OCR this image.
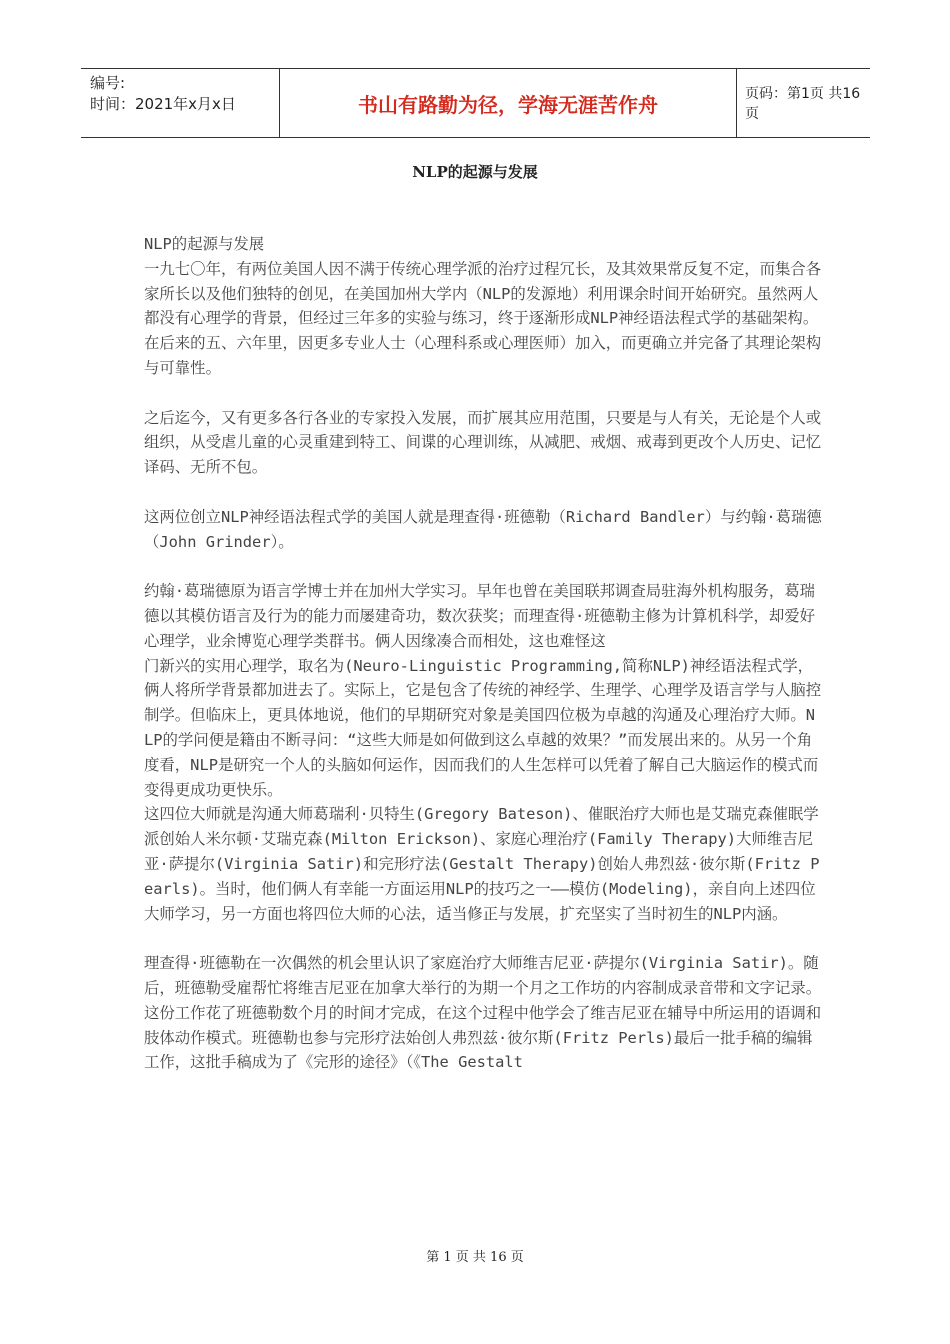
编号:
时间：2021年x月x日	书山有路勤为径，学海无涯苦作舟	页码：第1页 共16页
NLP的起源与发展

NLP的起源与发展

一九七〇年，有两位美国人因不满于传统心理学派的治疗过程冗长，及其效果常反复不定，而集合各家所长以及他们独特的创见，在美国加州大学内（NLP的发源地）利用课余时间开始研究。虽然两人都没有心理学的背景，但经过三年多的实验与练习，终于逐渐形成NLP神经语法程式学的基础架构。

在后来的五、六年里，因更多专业人士（心理科系或心理医师）加入，而更确立并完备了其理论架构与可靠性。

之后迄今，又有更多各行各业的专家投入发展，而扩展其应用范围，只要是与人有关，无论是个人或组织，从受虐儿童的心灵重建到特工、间谍的心理训练，从减肥、戒烟、戒毒到更改个人历史、记忆译码、无所不包。

这两位创立NLP神经语法程式学的美国人就是理查得·班德勒（Richard Bandler）与约翰·葛瑞德（John Grinder）。

约翰·葛瑞德原为语言学博士并在加州大学实习。早年也曾在美国联邦调查局驻海外机构服务，葛瑞德以其模仿语言及行为的能力而屡建奇功，数次获奖；而理查得·班德勒主修为计算机科学，却爱好心理学，业余博览心理学类群书。俩人因缘凑合而相处，这也难怪这

门新兴的实用心理学，取名为(Neuro-Linguistic Programming,简称NLP)神经语法程式学，俩人将所学背景都加进去了。实际上，它是包含了传统的神经学、生理学、心理学及语言学与人脑控制学。但临床上，更具体地说，他们的早期研究对象是美国四位极为卓越的沟通及心理治疗大师。NLP的学问便是籍由不断寻问：“这些大师是如何做到这么卓越的效果？”而发展出来的。从另一个角度看，NLP是研究一个人的头脑如何运作，因而我们的人生怎样可以凭着了解自己大脑运作的模式而变得更成功更快乐。

这四位大师就是沟通大师葛瑞利·贝特生(Gregory Bateson)、催眠治疗大师也是艾瑞克森催眠学派创始人米尔顿·艾瑞克森(Milton Erickson)、家庭心理治疗(Family Therapy)大师维吉尼亚·萨提尔(Virginia Satir)和完形疗法(Gestalt Therapy)创始人弗烈兹·彼尔斯(Fritz Pearls)。当时，他们俩人有幸能一方面运用NLP的技巧之一——模仿(Modeling)，亲自向上述四位大师学习，另一方面也将四位大师的心法，适当修正与发展，扩充坚实了当时初生的NLP内涵。

理查得·班德勒在一次偶然的机会里认识了家庭治疗大师维吉尼亚·萨提尔(Virginia Satir)。随后，班德勒受雇帮忙将维吉尼亚在加拿大举行的为期一个月之工作坊的内容制成录音带和文字记录。这份工作花了班德勒数个月的时间才完成，在这个过程中他学会了维吉尼亚在辅导中所运用的语调和肢体动作模式。班德勒也参与完形疗法始创人弗烈兹·彼尔斯(Fritz Perls)最后一批手稿的编辑工作，这批手稿成为了《完形的途径》（《The Gestalt

第 1 页 共 16 页
